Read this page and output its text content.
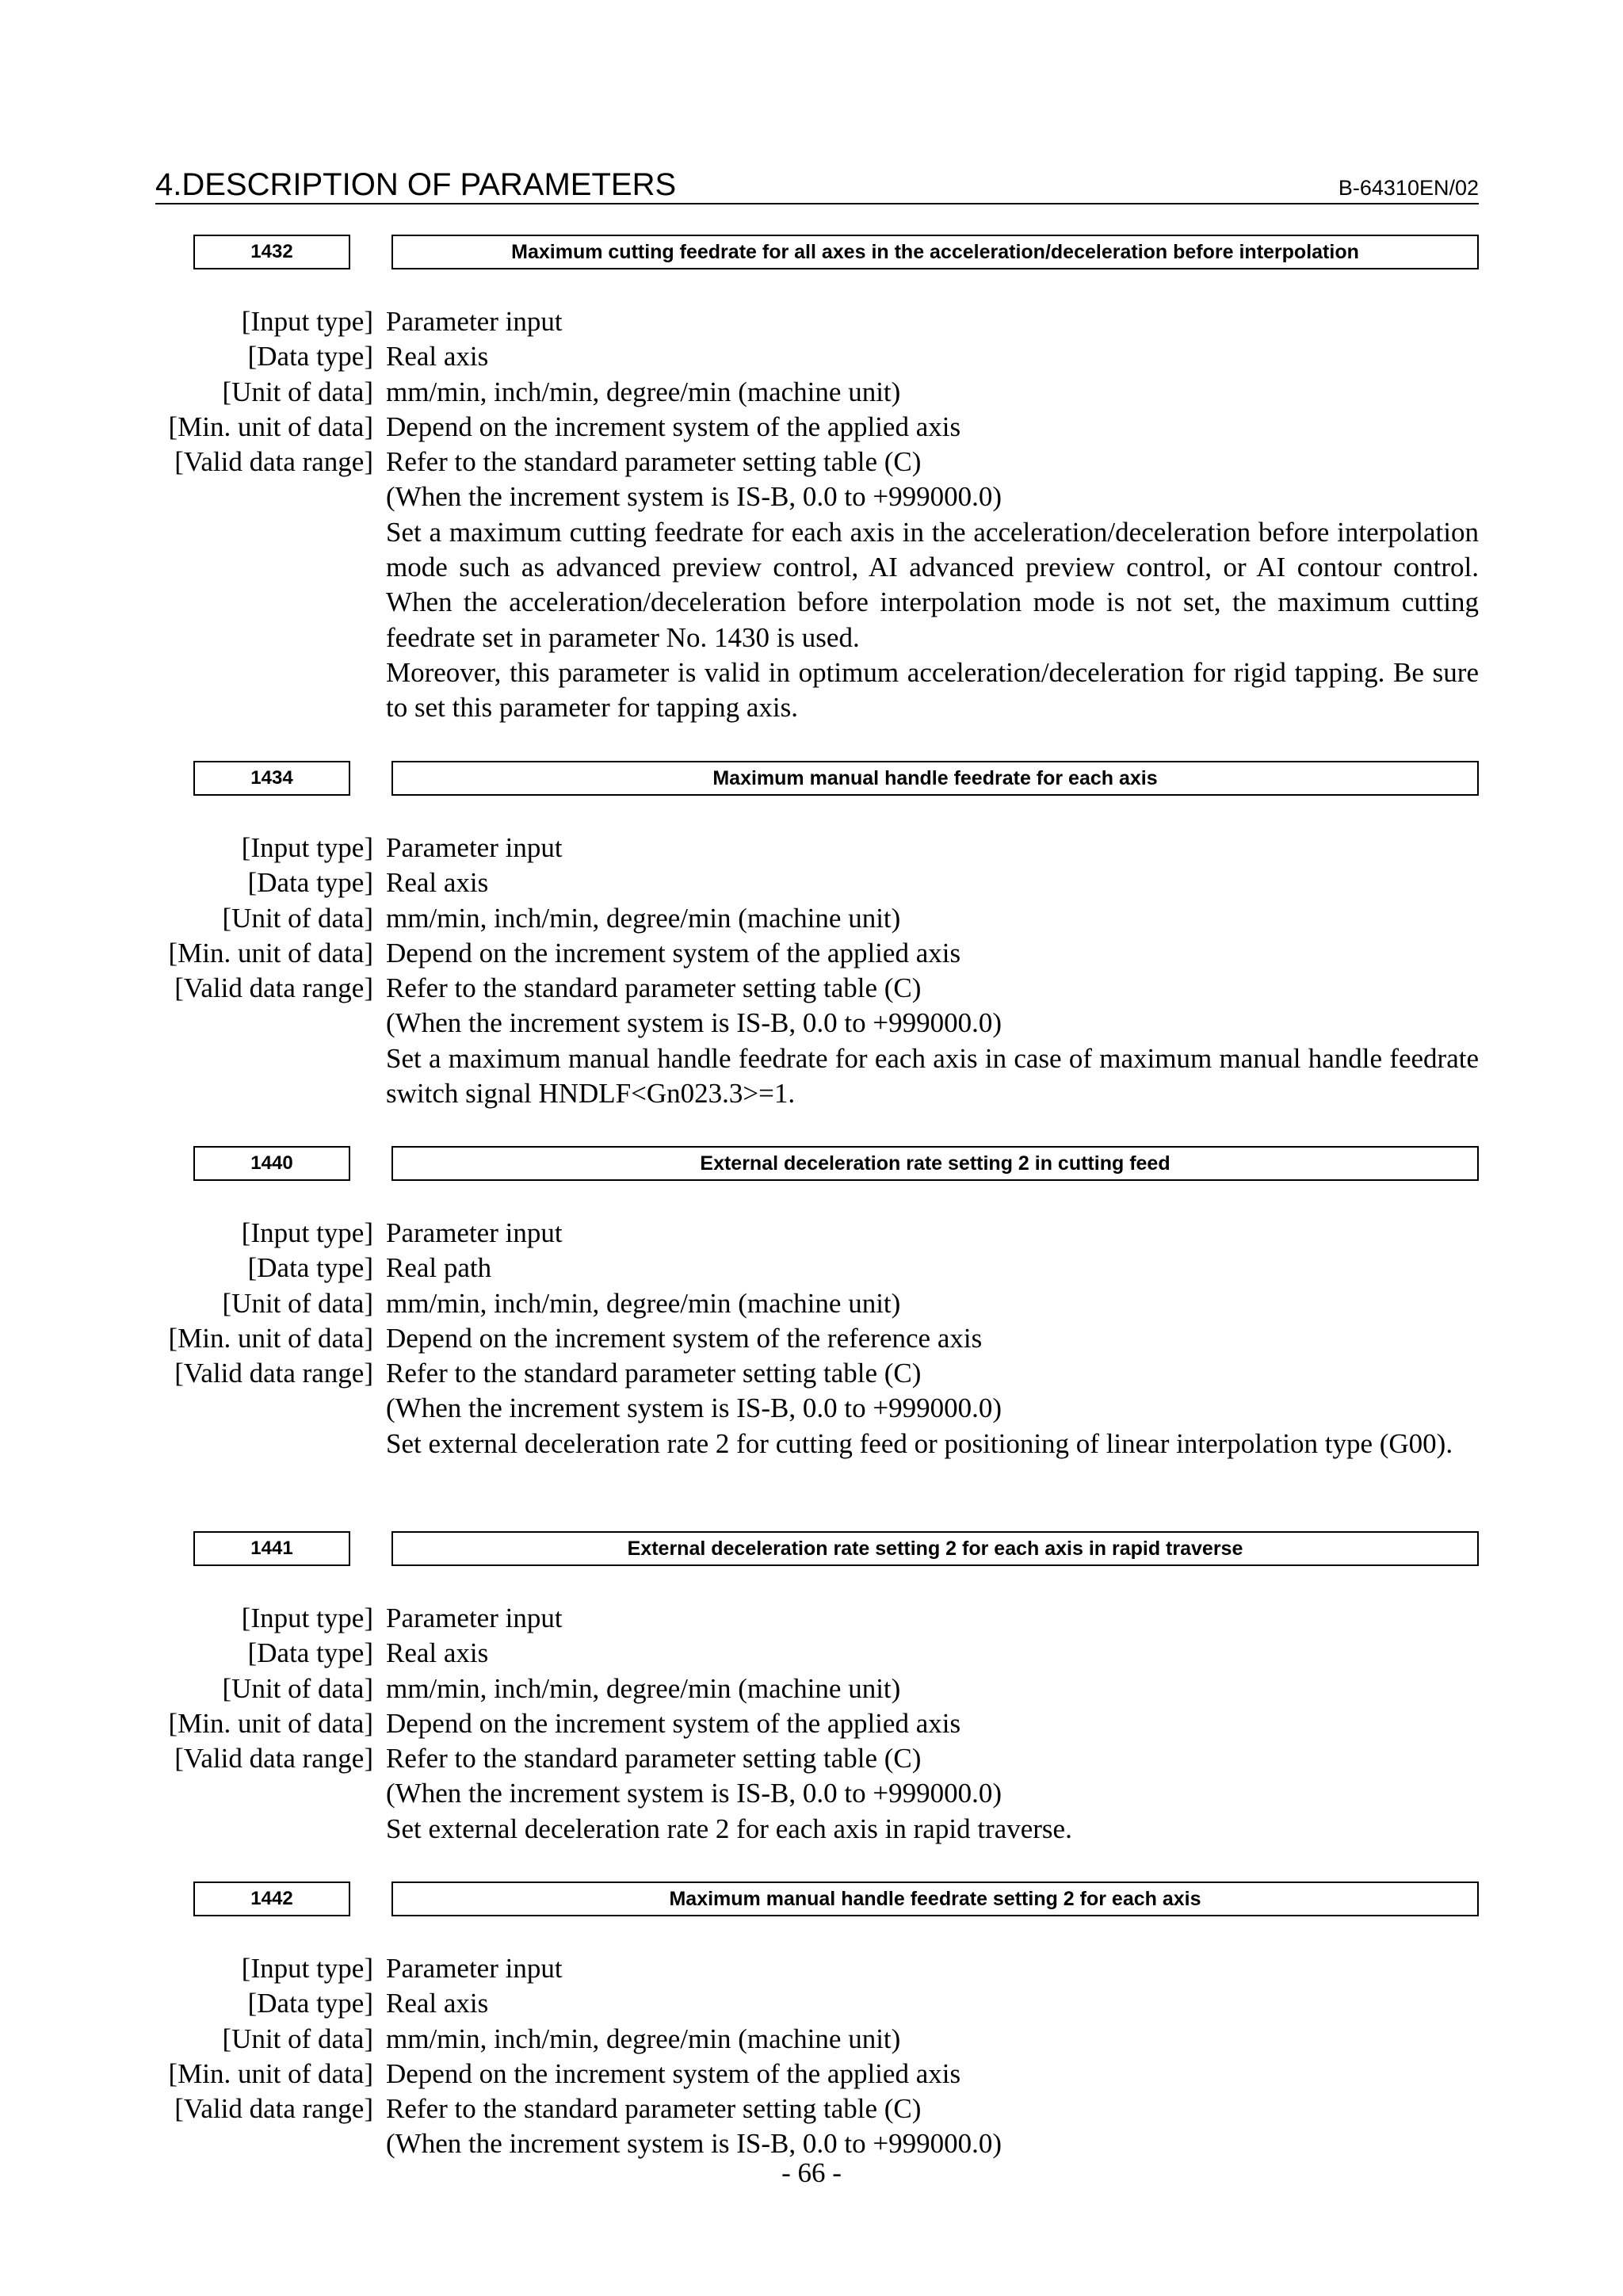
4.DESCRIPTION OF PARAMETERS	B-64310EN/02
1432	Maximum cutting feedrate for all axes in the acceleration/deceleration before interpolation
[Input type] Parameter input
[Data type] Real axis
[Unit of data] mm/min, inch/min, degree/min (machine unit)
[Min. unit of data] Depend on the increment system of the applied axis
[Valid data range] Refer to the standard parameter setting table (C)
(When the increment system is IS-B, 0.0 to +999000.0)
Set a maximum cutting feedrate for each axis in the acceleration/deceleration before interpolation mode such as advanced preview control, AI advanced preview control, or AI contour control. When the acceleration/deceleration before interpolation mode is not set, the maximum cutting feedrate set in parameter No. 1430 is used.
Moreover, this parameter is valid in optimum acceleration/deceleration for rigid tapping. Be sure to set this parameter for tapping axis.
1434	Maximum manual handle feedrate for each axis
[Input type] Parameter input
[Data type] Real axis
[Unit of data] mm/min, inch/min, degree/min (machine unit)
[Min. unit of data] Depend on the increment system of the applied axis
[Valid data range] Refer to the standard parameter setting table (C)
(When the increment system is IS-B, 0.0 to +999000.0)
Set a maximum manual handle feedrate for each axis in case of maximum manual handle feedrate switch signal HNDLF<Gn023.3>=1.
1440	External deceleration rate setting 2 in cutting feed
[Input type] Parameter input
[Data type] Real path
[Unit of data] mm/min, inch/min, degree/min (machine unit)
[Min. unit of data] Depend on the increment system of the reference axis
[Valid data range] Refer to the standard parameter setting table (C)
(When the increment system is IS-B, 0.0 to +999000.0)
Set external deceleration rate 2 for cutting feed or positioning of linear interpolation type (G00).
1441	External deceleration rate setting 2 for each axis in rapid traverse
[Input type] Parameter input
[Data type] Real axis
[Unit of data] mm/min, inch/min, degree/min (machine unit)
[Min. unit of data] Depend on the increment system of the applied axis
[Valid data range] Refer to the standard parameter setting table (C)
(When the increment system is IS-B, 0.0 to +999000.0)
Set external deceleration rate 2 for each axis in rapid traverse.
1442	Maximum manual handle feedrate setting 2 for each axis
[Input type] Parameter input
[Data type] Real axis
[Unit of data] mm/min, inch/min, degree/min (machine unit)
[Min. unit of data] Depend on the increment system of the applied axis
[Valid data range] Refer to the standard parameter setting table (C)
(When the increment system is IS-B, 0.0 to +999000.0)
- 66 -
